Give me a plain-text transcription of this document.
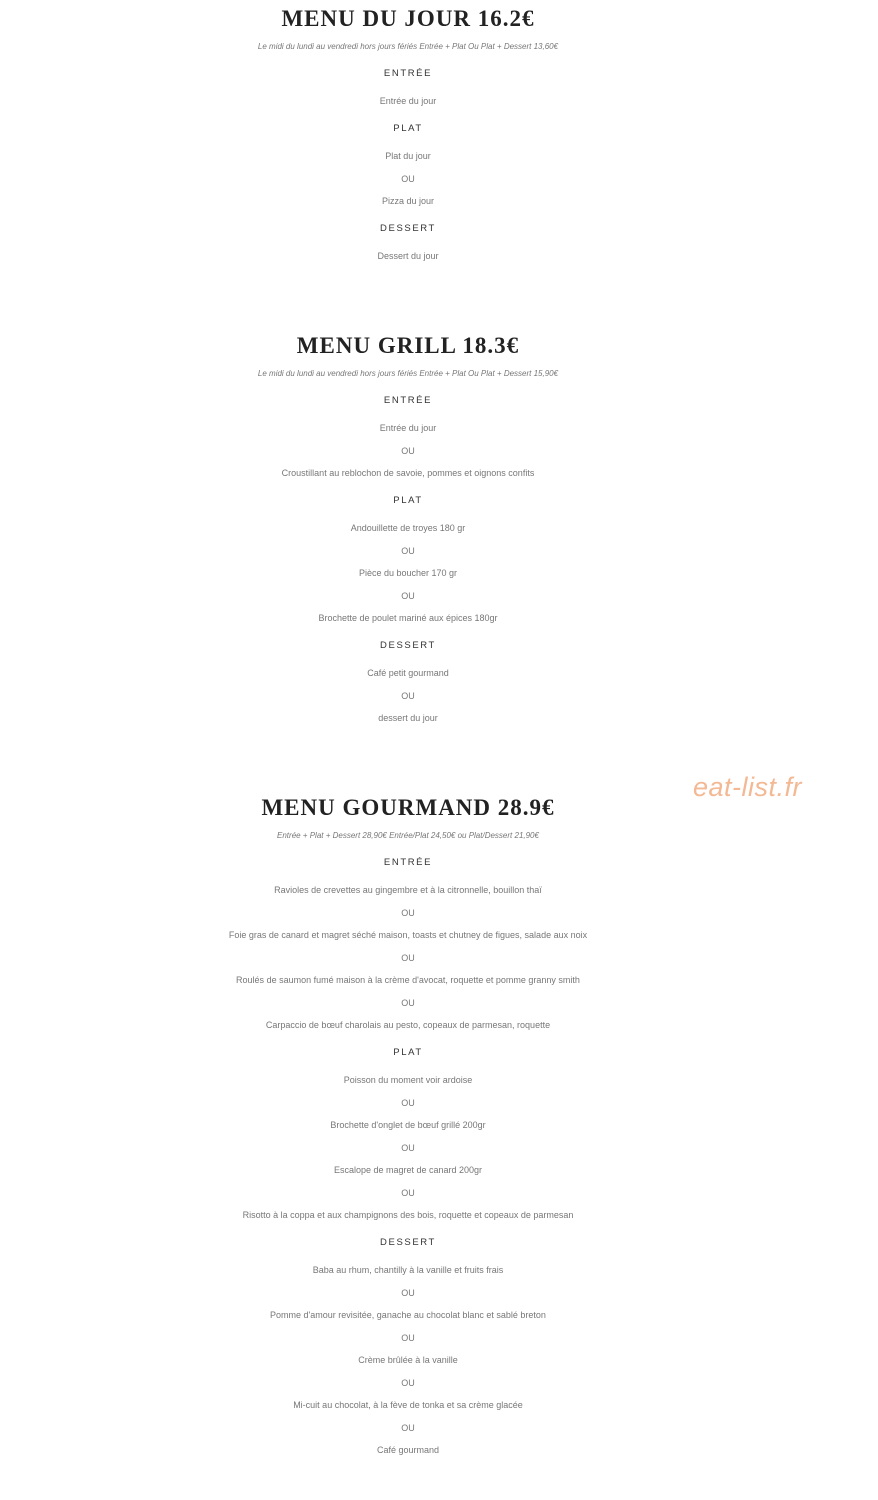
MENU DU JOUR 16.2€

Le midi du lundi au vendredi hors jours fériés Entrée + Plat Ou Plat + Dessert 13,60€

ENTRÉE
Entrée du jour
PLAT
Plat du jour
OU
Pizza du jour
DESSERT
Dessert du jour
MENU GRILL 18.3€

Le midi du lundi au vendredi hors jours fériés Entrée + Plat Ou Plat + Dessert 15,90€

ENTRÉE
Entrée du jour
OU
Croustillant au reblochon de savoie, pommes et oignons confits
PLAT
Andouillette de troyes 180 gr
OU
Pièce du boucher 170 gr
OU
Brochette de poulet mariné aux épices 180gr
DESSERT
Café petit gourmand
OU
dessert du jour
MENU GOURMAND 28.9€

Entrée + Plat + Dessert 28,90€ Entrée/Plat 24,50€ ou Plat/Dessert 21,90€

ENTRÉE
Ravioles de crevettes au gingembre et à la citronnelle, bouillon thaï
OU
Foie gras de canard et magret séché maison, toasts et chutney de figues, salade aux noix
OU
Roulés de saumon fumé maison à la crème d'avocat, roquette et pomme granny smith
OU
Carpaccio de bœuf charolais au pesto, copeaux de parmesan, roquette
PLAT
Poisson du moment voir ardoise
OU
Brochette d'onglet de bœuf grillé 200gr
OU
Escalope de magret de canard 200gr
OU
Risotto à la coppa et aux champignons des bois, roquette et copeaux de parmesan
DESSERT
Baba au rhum, chantilly à la vanille et fruits frais
OU
Pomme d'amour revisitée, ganache au chocolat blanc et sablé breton
OU
Crème brûlée à la vanille
OU
Mi-cuit au chocolat, à la fève de tonka et sa crème glacée
OU
Café gourmand
eat-list.fr
